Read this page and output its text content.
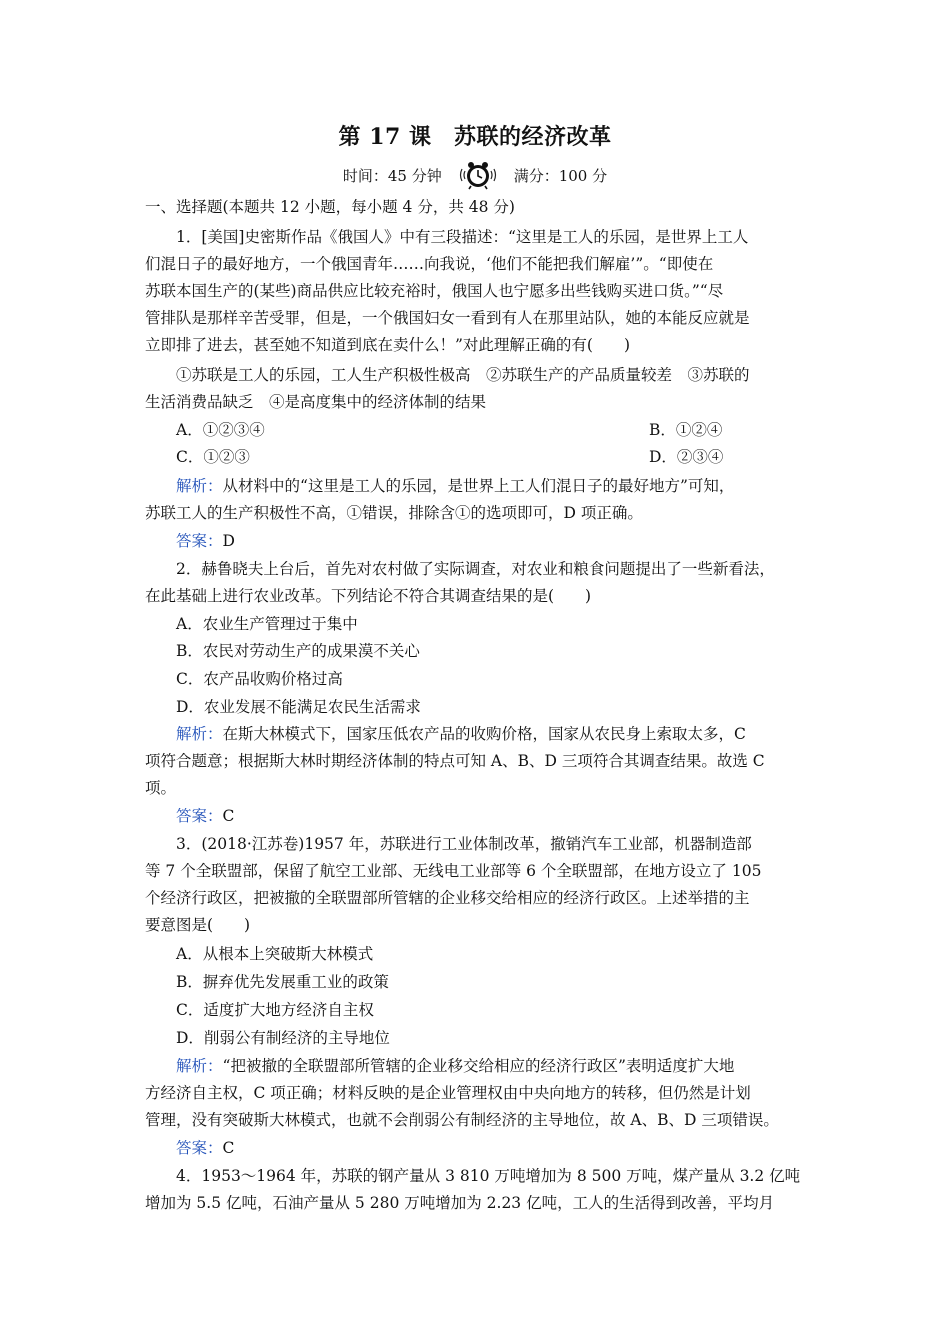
第 17 课　苏联的经济改革
时间：45 分钟	满分：100 分
一、选择题(本题共 12 小题，每小题 4 分，共 48 分)
1．[美国]史密斯作品《俄国人》中有三段描述：“这里是工人的乐园，是世界上工人
们混日子的最好地方，一个俄国青年……向我说，‘他们不能把我们解雇’”。“即使在
苏联本国生产的(某些)商品供应比较充裕时，俄国人也宁愿多出些钱购买进口货。”“尽
管排队是那样辛苦受罪，但是，一个俄国妇女一看到有人在那里站队，她的本能反应就是
立即排了进去，甚至她不知道到底在卖什么！”对此理解正确的有(　　)
①苏联是工人的乐园，工人生产积极性极高　②苏联生产的产品质量较差　③苏联的
生活消费品缺乏　④是高度集中的经济体制的结果
A．①②③④	B．①②④
C．①②③	D．②③④
解析：从材料中的“这里是工人的乐园，是世界上工人们混日子的最好地方”可知，
苏联工人的生产积极性不高，①错误，排除含①的选项即可，D 项正确。
答案：D
2．赫鲁晓夫上台后，首先对农村做了实际调查，对农业和粮食问题提出了一些新看法，
在此基础上进行农业改革。下列结论不符合其调查结果的是(　　)
A．农业生产管理过于集中
B．农民对劳动生产的成果漠不关心
C．农产品收购价格过高
D．农业发展不能满足农民生活需求
解析：在斯大林模式下，国家压低农产品的收购价格，国家从农民身上索取太多，C
项符合题意；根据斯大林时期经济体制的特点可知 A、B、D 三项符合其调查结果。故选 C
项。
答案：C
3．(2018·江苏卷)1957 年，苏联进行工业体制改革，撤销汽车工业部，机器制造部
等 7 个全联盟部，保留了航空工业部、无线电工业部等 6 个全联盟部，在地方设立了 105
个经济行政区，把被撤的全联盟部所管辖的企业移交给相应的经济行政区。上述举措的主
要意图是(　　)
A．从根本上突破斯大林模式
B．摒弃优先发展重工业的政策
C．适度扩大地方经济自主权
D．削弱公有制经济的主导地位
解析：“把被撤的全联盟部所管辖的企业移交给相应的经济行政区”表明适度扩大地
方经济自主权，C 项正确；材料反映的是企业管理权由中央向地方的转移，但仍然是计划
管理，没有突破斯大林模式，也就不会削弱公有制经济的主导地位，故 A、B、D 三项错误。
答案：C
4．1953～1964 年，苏联的钢产量从 3 810 万吨增加为 8 500 万吨，煤产量从 3.2 亿吨
增加为 5.5 亿吨，石油产量从 5 280 万吨增加为 2.23 亿吨，工人的生活得到改善，平均月
